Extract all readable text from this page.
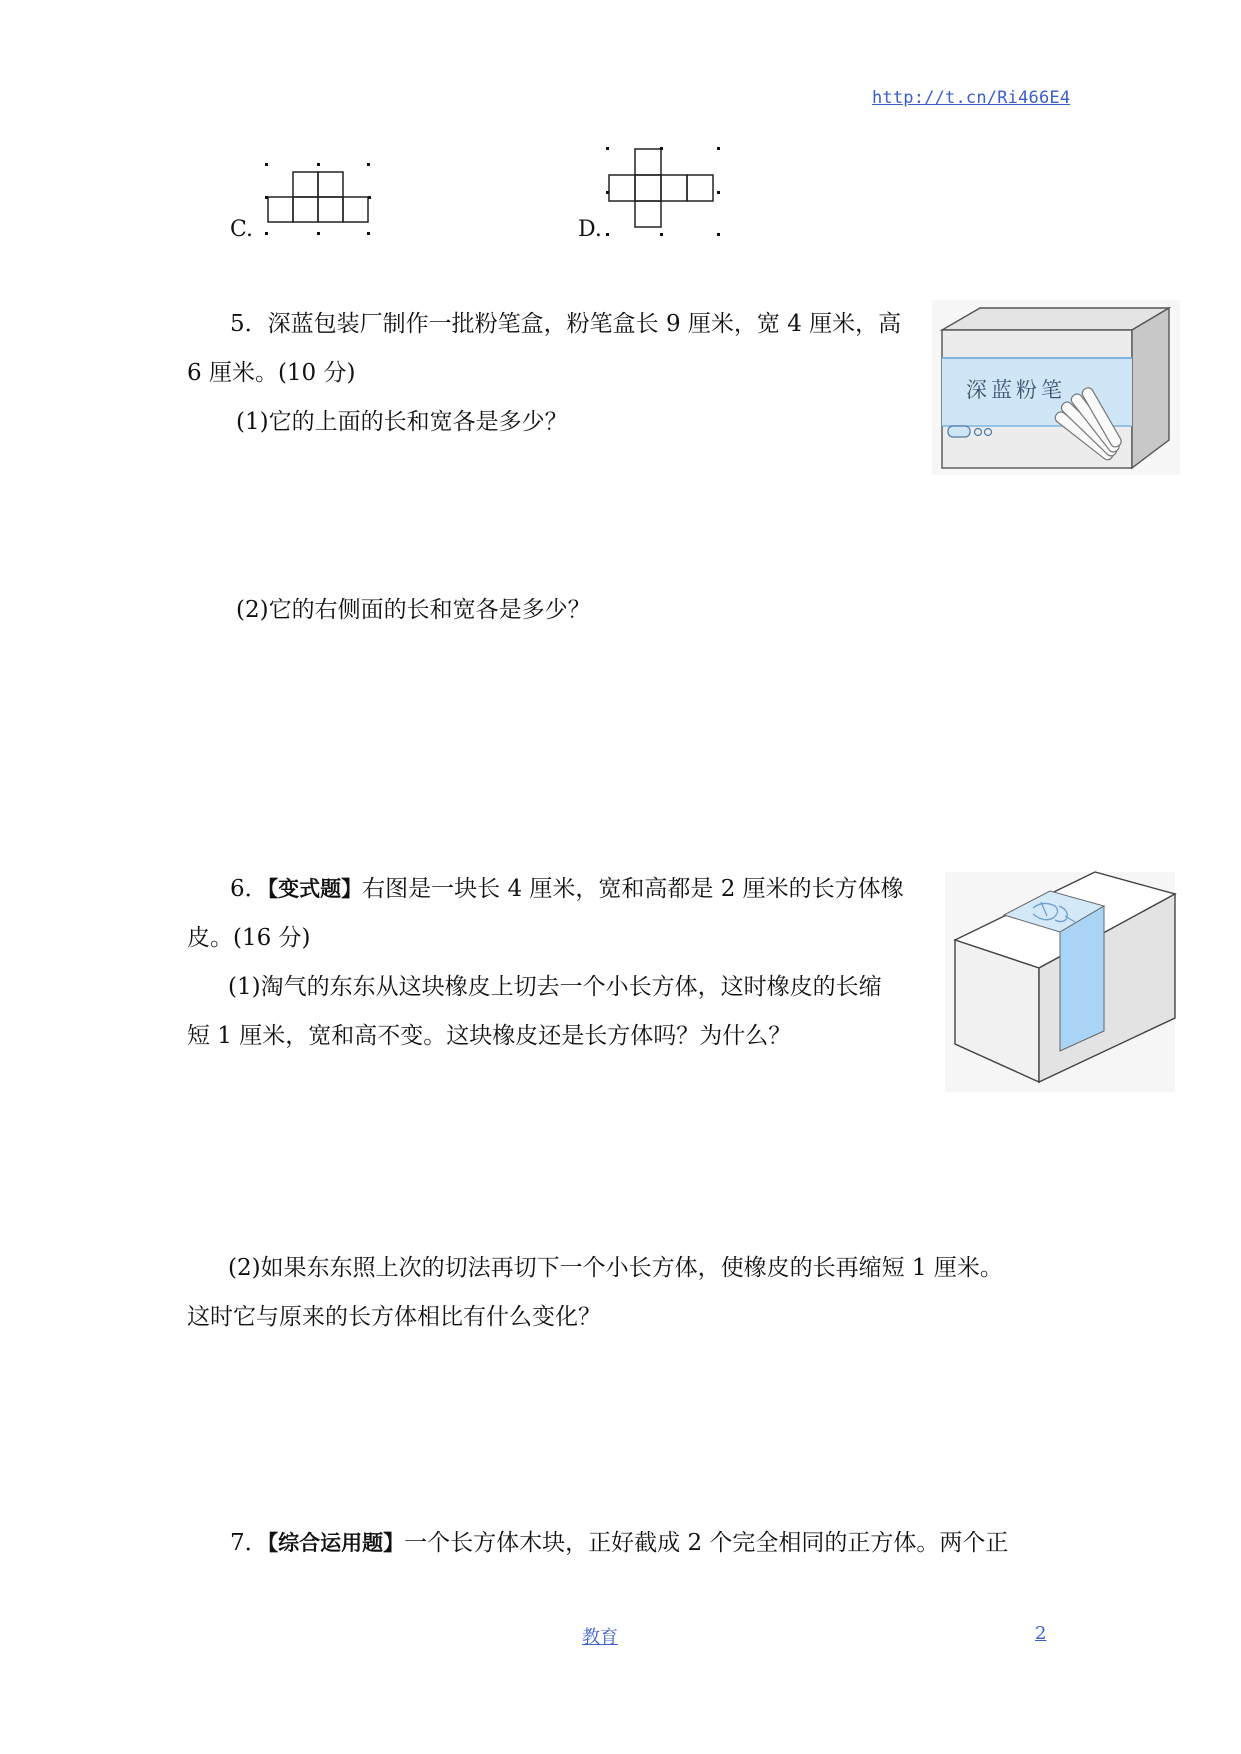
http://t.cn/Ri466E4
C.	D.
5．深蓝包装厂制作一批粉笔盒，粉笔盒长 9 厘米，宽 4 厘米，高
6 厘米。(10 分)
(1)它的上面的长和宽各是多少？
(2)它的右侧面的长和宽各是多少？
深蓝粉笔
6．【变式题】右图是一块长 4 厘米，宽和高都是 2 厘米的长方体橡
皮。(16 分)
(1)淘气的东东从这块橡皮上切去一个小长方体，这时橡皮的长缩
短 1 厘米，宽和高不变。这块橡皮还是长方体吗？为什么？
(2)如果东东照上次的切法再切下一个小长方体，使橡皮的长再缩短 1 厘米。
这时它与原来的长方体相比有什么变化？
7．【综合运用题】一个长方体木块，正好截成 2 个完全相同的正方体。两个正
教育	2
